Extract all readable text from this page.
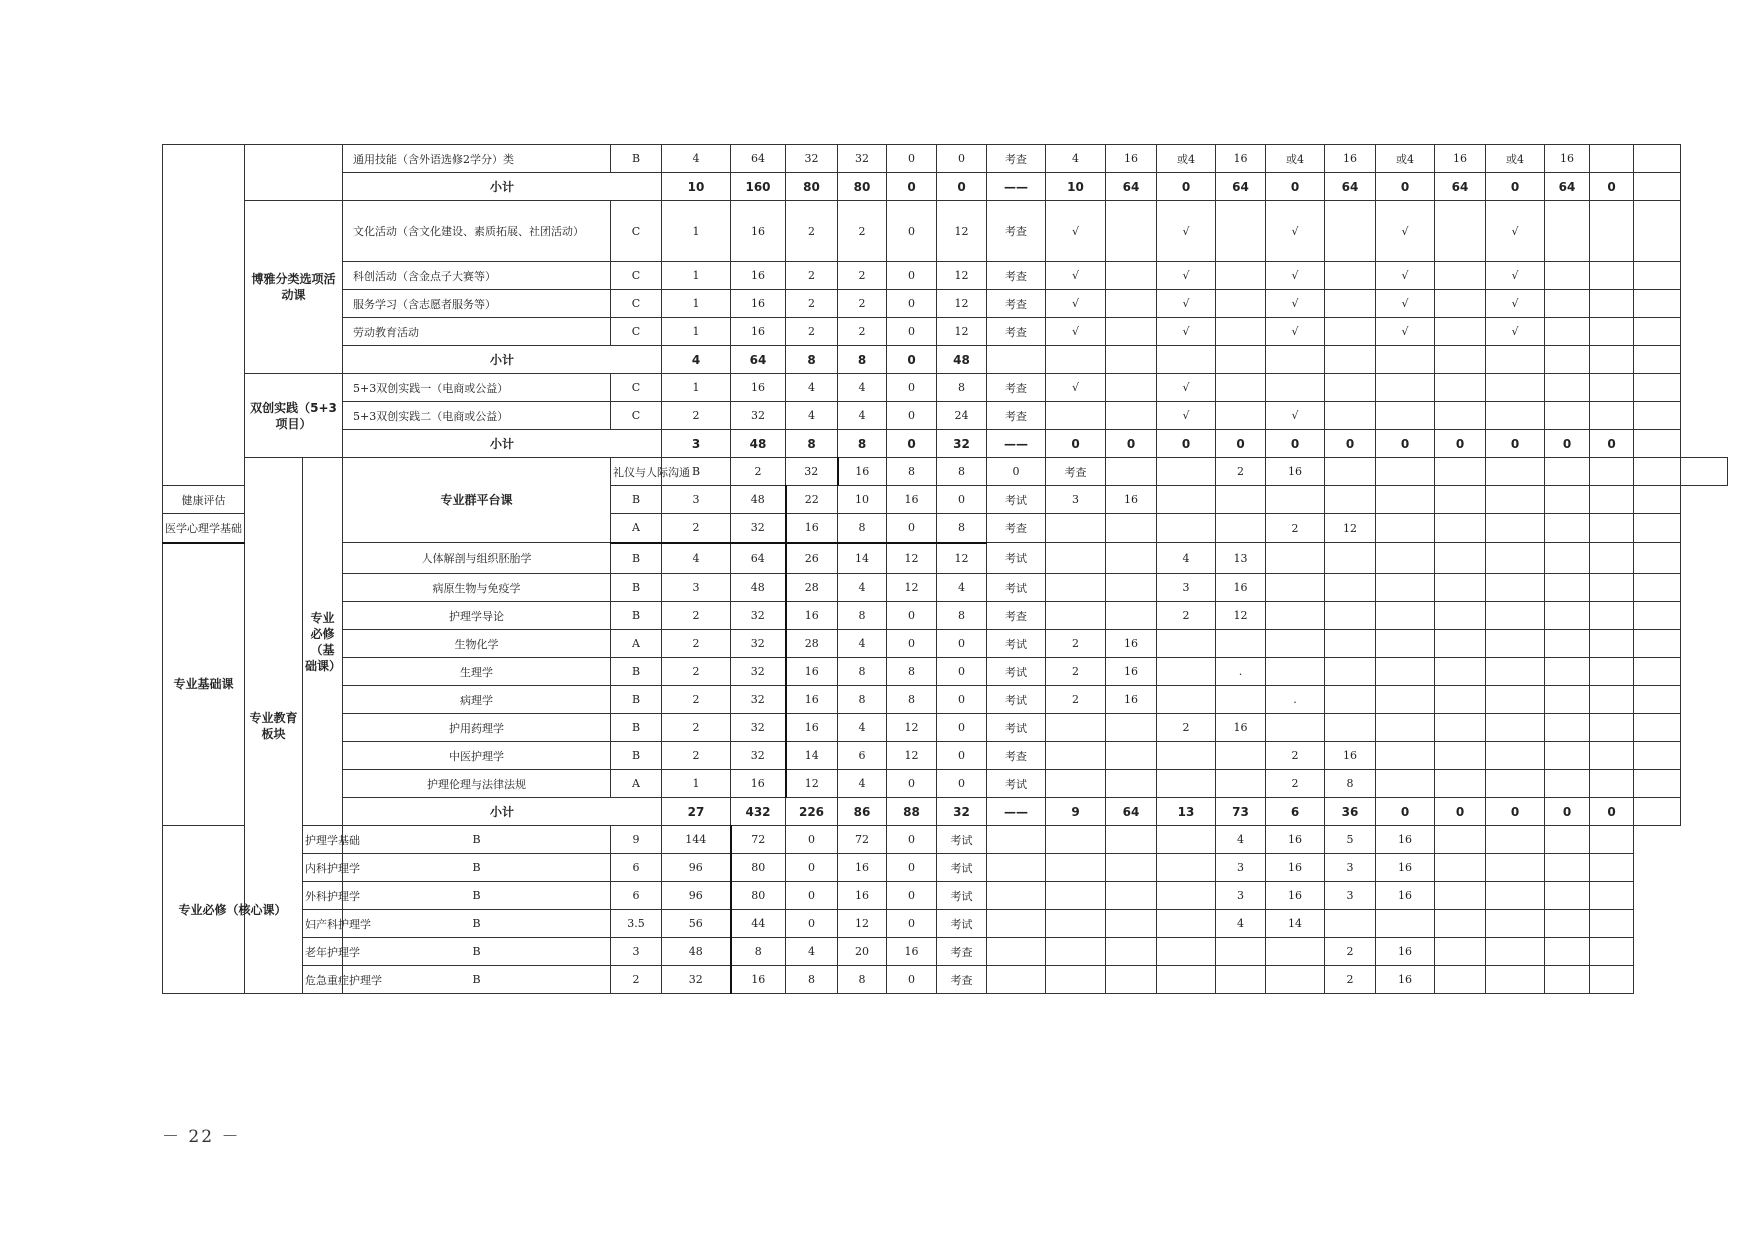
			通用技能（含外语选修2学分）类	B	4	64	32	32	0	0	考查	4	16	或4	16	或4	16	或4	16	或4	16			
			小计		10	160	80	80	0	0	——	10	64	0	64	0	64	0	64	0	64	0		
	博雅分类选项活动课		文化活动（含文化建设、素质拓展、社团活动）	C	1	16	2	2	0	12	考查	√		√		√		√		√				
			科创活动（含金点子大赛等）	C	1	16	2	2	0	12	考查	√		√		√		√		√				
			服务学习（含志愿者服务等）	C	1	16	2	2	0	12	考查	√		√		√		√		√				
			劳动教育活动	C	1	16	2	2	0	12	考查	√		√		√		√		√				
			小计		4	64	8	8	0	48														
	双创实践（5+3项目）		5+3双创实践一（电商或公益）	C	1	16	4	4	0	8	考查	√		√										
			5+3双创实践二（电商或公益）	C	2	32	4	4	0	24	考查			√		√								
			小计		3	48	8	8	0	32	——	0	0	0	0	0	0	0	0	0	0	0		
	专业教育板块	专业必修（基础课）	专业群平台课	礼仪与人际沟通	B	2	32	16	8	8	0	考查			2	16								
健康评估				B	3	48	22	10	16	0	考试	3	16											
医学心理学基础				A	2	32	16	8	0	8	考查					2	12							
专业基础课			人体解剖与组织胚胎学	B	4	64	26	14	12	12	考试			4	13									
			病原生物与免疫学	B	3	48	28	4	12	4	考试			3	16									
			护理学导论	B	2	32	16	8	0	8	考查			2	12									
			生物化学	A	2	32	28	4	0	0	考试	2	16											
			生理学	B	2	32	16	8	8	0	考试	2	16		.									
			病理学	B	2	32	16	8	8	0	考试	2	16			.								
			护用药理学	B	2	32	16	4	12	0	考试			2	16									
			中医护理学	B	2	32	14	6	12	0	考查					2	16							
			护理伦理与法律法规	A	1	16	12	4	0	0	考试					2	8							
			小计		27	432	226	86	88	32	——	9	64	13	73	6	36	0	0	0	0	0		
专业必修（核心课）		护理学基础	B	9	144	72	0	72	0	考试					4	16	5	16						
		内科护理学	B	6	96	80	0	16	0	考试					3	16	3	16						
		外科护理学	B	6	96	80	0	16	0	考试					3	16	3	16						
		妇产科护理学	B	3.5	56	44	0	12	0	考试					4	14								
		老年护理学	B	3	48	8	4	20	16	考查							2	16						
		危急重症护理学	B	2	32	16	8	8	0	考查							2	16						
－ 22 －
